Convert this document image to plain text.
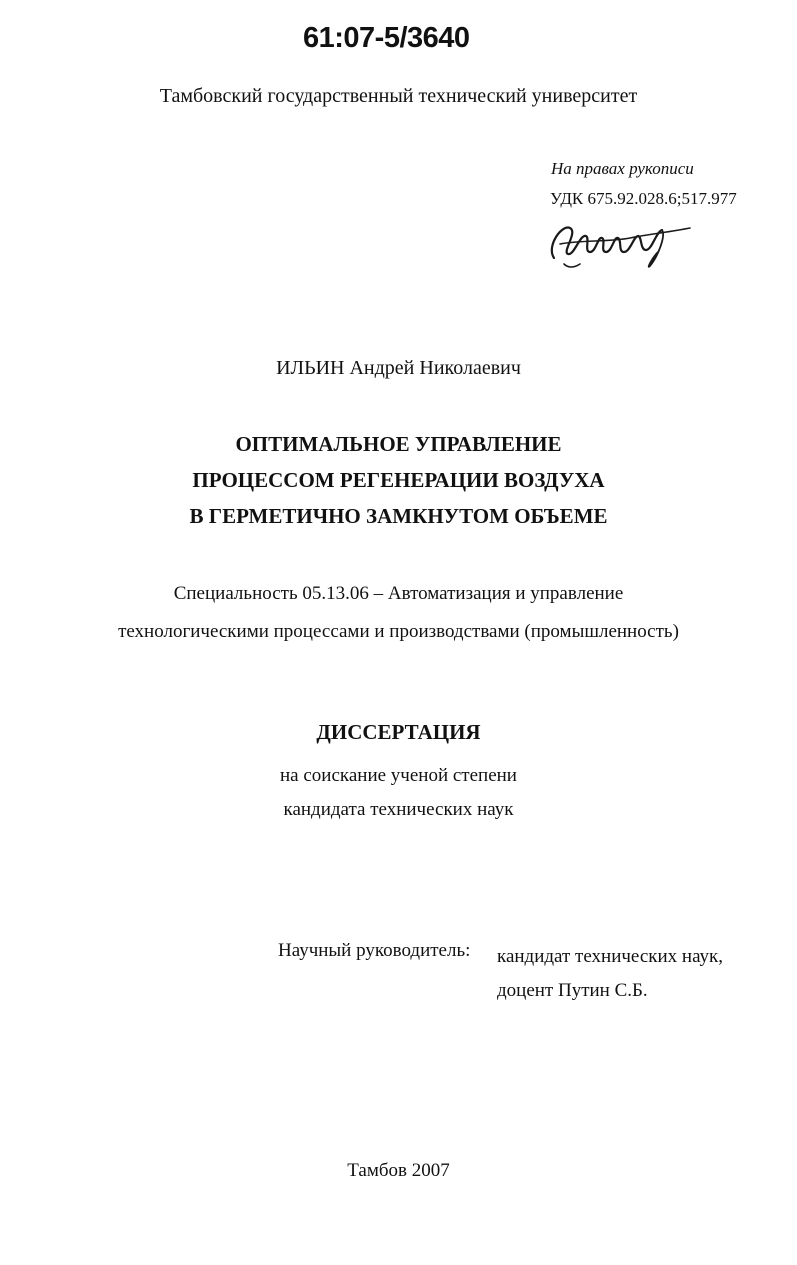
61:07-5/3640
Тамбовский государственный технический университет
На правах рукописи
УДК 675.92.028.6;517.977
ИЛЬИН Андрей Николаевич
ОПТИМАЛЬНОЕ УПРАВЛЕНИЕ
ПРОЦЕССОМ РЕГЕНЕРАЦИИ ВОЗДУХА
В ГЕРМЕТИЧНО ЗАМКНУТОМ ОБЪЕМЕ
Специальность 05.13.06 – Автоматизация и управление
технологическими процессами и производствами (промышленность)
ДИССЕРТАЦИЯ
на соискание ученой степени
кандидата технических наук
Научный руководитель: кандидат технических наук,
доцент Путин С.Б.
Тамбов 2007
